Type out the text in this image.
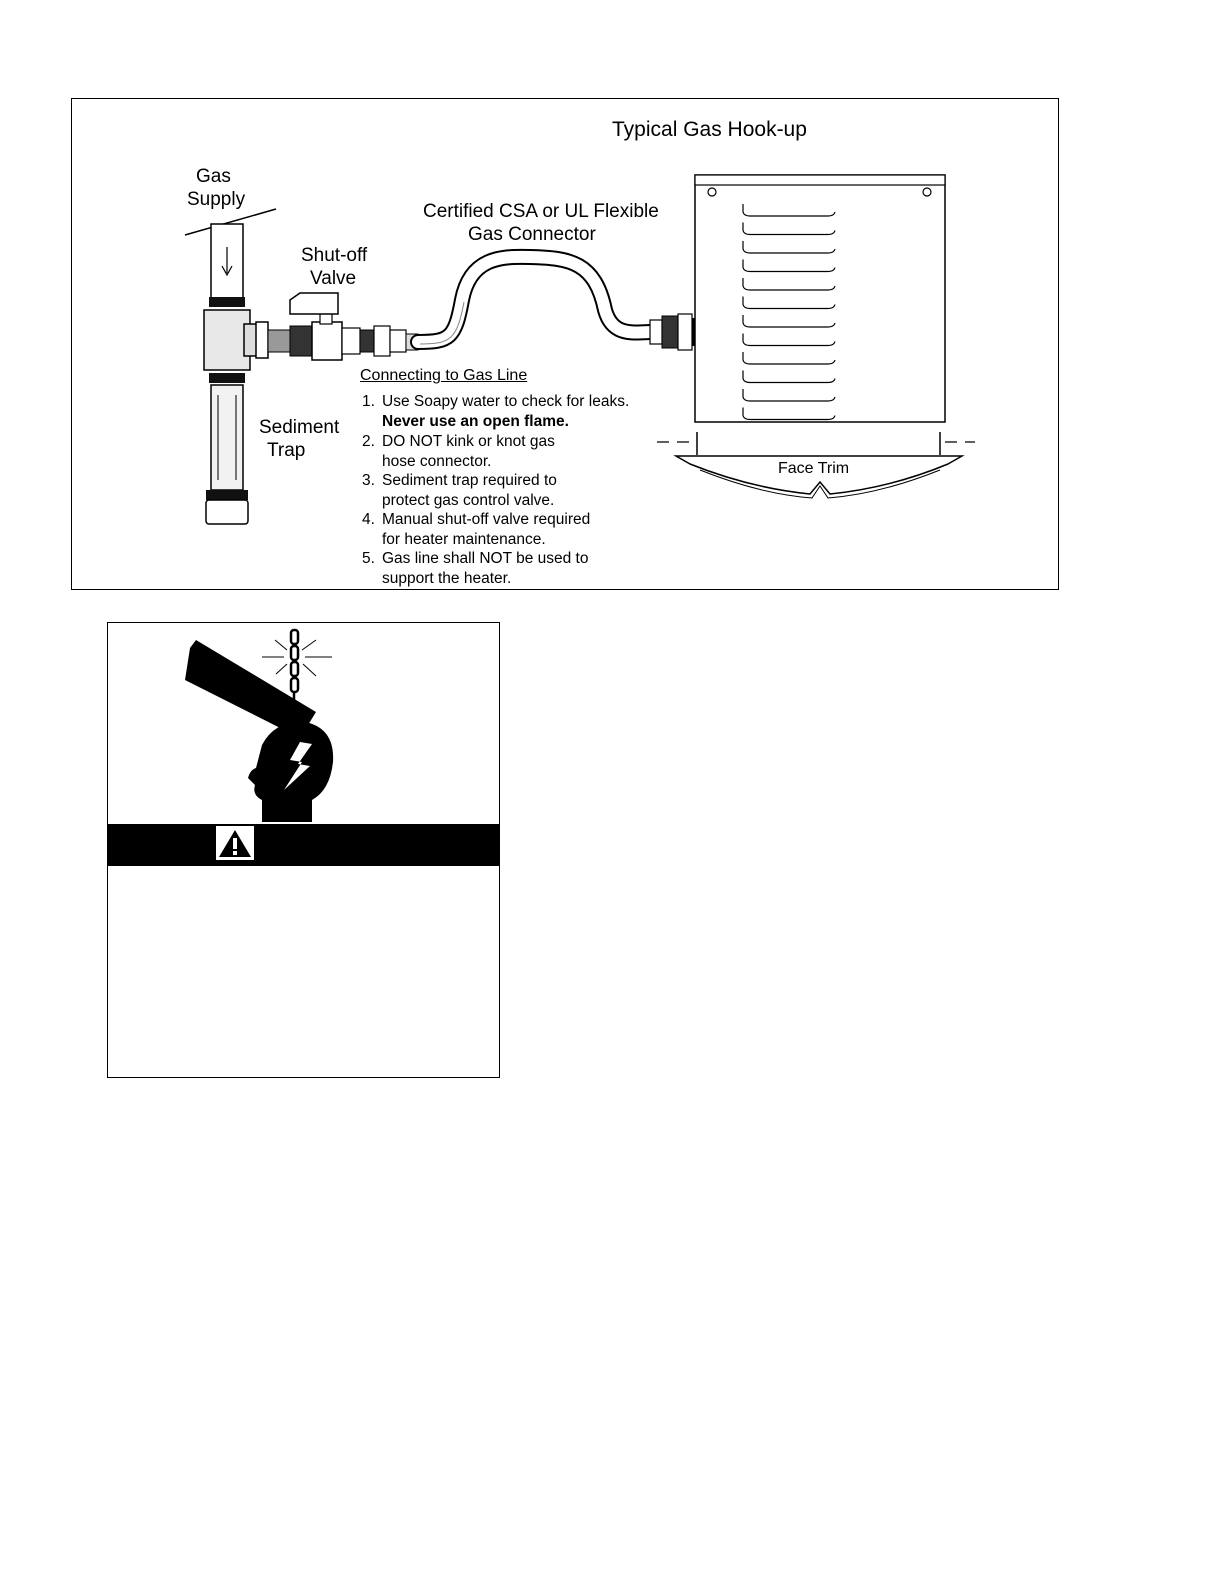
Typical Gas Hook-up
Gas
Supply
Shut-off
Valve
Certified CSA or UL Flexible
Gas Connector
Sediment
Trap
Face Trim
Connecting to Gas Line
1. Use Soapy water to check for leaks.
Never use an open flame.
2. DO NOT kink or knot gas
hose connector.
3. Sediment trap required to
protect gas control valve.
4. Manual shut-off valve required
for heater maintenance.
5. Gas line shall NOT be used to
support the heater.
